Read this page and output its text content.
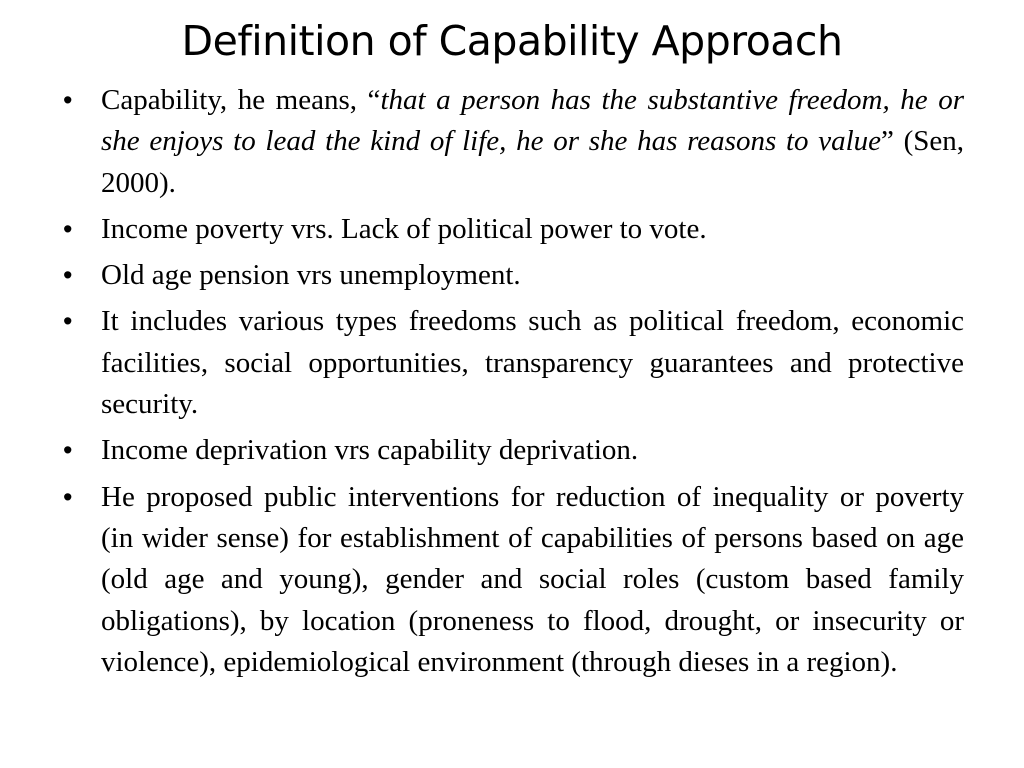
Definition of Capability Approach
• Capability, he means, “that a person has the substantive freedom, he or she enjoys to lead the kind of life, he or she has reasons to value” (Sen, 2000).
• Income poverty vrs. Lack of political power to vote.
• Old age pension vrs unemployment.
• It includes various types freedoms such as political freedom, economic facilities, social opportunities, transparency guarantees and protective security.
• Income deprivation vrs capability deprivation.
• He proposed public interventions for reduction of inequality or poverty (in wider sense) for establishment of capabilities of persons based on age (old age and young), gender and social roles (custom based family obligations), by location (proneness to flood, drought, or insecurity or violence), epidemiological environment (through dieses in a region).
